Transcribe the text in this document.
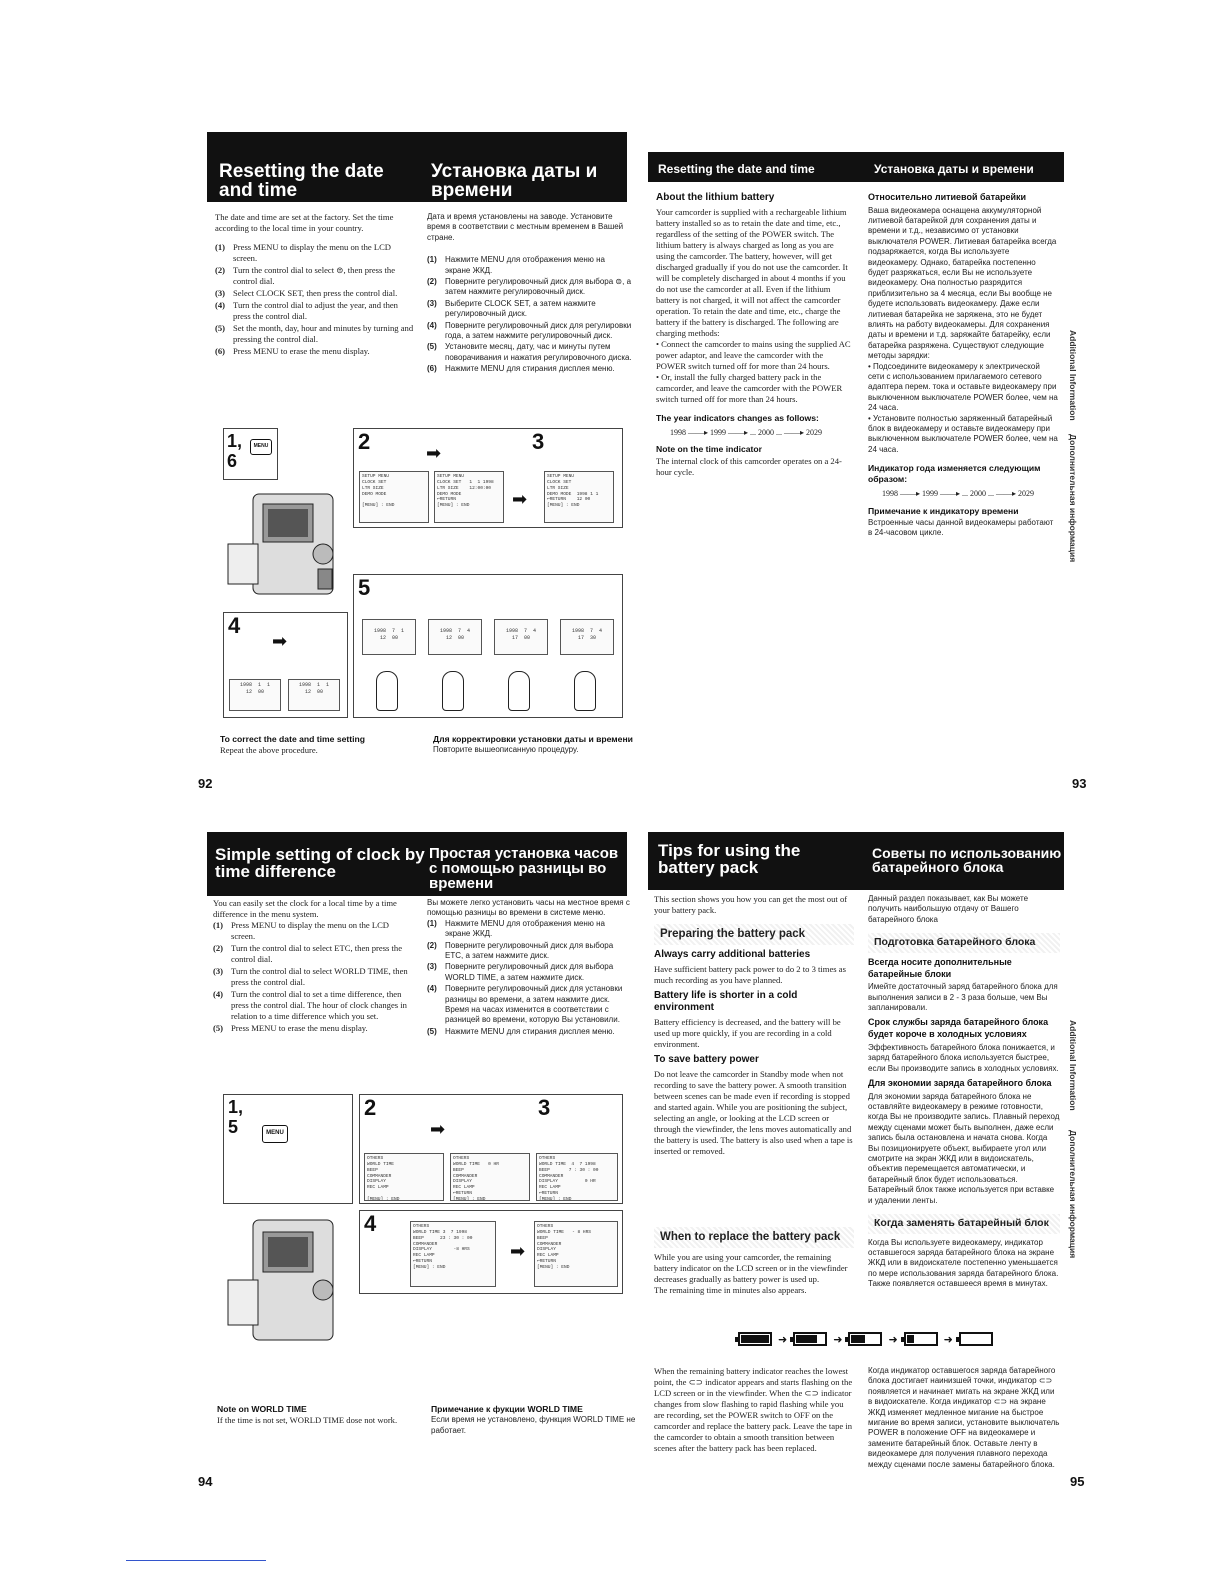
Resetting the date and time
Установка даты и времени

The date and time are set at the factory. Set the time according to the local time in your country.

(1) Press MENU to display the menu on the LCD screen.
(2) Turn the control dial to select ⊜, then press the control dial.
(3) Select CLOCK SET, then press the control dial.
(4) Turn the control dial to adjust the year, and then press the control dial.
(5) Set the month, day, hour and minutes by turning and pressing the control dial.
(6) Press MENU to erase the menu display.

Дата и время установлены на заводе. Установите время в соответствии с местным временем в Вашей стране.

(1)	Нажмите MENU для отображения меню на экране ЖКД.
(2)	Поверните регулировочный диск для выбора ⊜, а затем нажмите регулировочный диск.
(3)	Выберите CLOCK SET, а затем нажмите регулировочный диск.
(4)	Поверните регулировочный диск для регулировки года, а затем нажмите регулировочный диск.
(5)	Установите месяц, дату, час и минуты путем поворачивания и нажатия регулировочного диска.
(6)	Нажмите MENU для стирания дисплея меню.
1,
6
MENU	2	3
SETUP MENU
CLOCK SET
LTR SIZE
DEMO MODE

[MENU] : END
SETUP MENU
CLOCK SET   1  1 1998
LTR SIZE    12:00:00
DEMO MODE
↩RETURN
[MENU] : END
SETUP MENU
CLOCK SET
LTR SIZE
DEMO MODE  1998 1 1
↩RETURN    12 00
[MENU] : END
➡
➡
4
➡
1998  1  1
12  00
1998  1  1
12  00
5
1998  7  1
12  00
1998  7  4
12  00
1998  7  4
17  00
1998  7  4
17  30
To correct the date and time setting

Repeat the above procedure.

Для корректировки установки даты и времени

Повторите вышеописанную процедуру.

92
Resetting the date and time	Установка даты и времени
About the lithium battery

Your camcorder is supplied with a rechargeable lithium battery installed so as to retain the date and time, etc., regardless of the setting of the POWER switch. The lithium battery is always charged as long as you are using the camcorder. The battery, however, will get discharged gradually if you do not use the camcorder. It will be completely discharged in about 4 months if you do not use the camcorder at all. Even if the lithium battery is not charged, it will not affect the camcorder operation. To retain the date and time, etc., charge the battery if the battery is discharged. The following are charging methods:

• Connect the camcorder to mains using the supplied AC power adaptor, and leave the camcorder with the POWER switch turned off for more than 24 hours.

• Or, install the fully charged battery pack in the camcorder, and leave the camcorder with the POWER switch turned off for more than 24 hours.

The year indicators changes as follows:
1998 ——▸ 1999 ——▸ ... 2000 ... ——▸ 2029
Note on the time indicator

The internal clock of this camcorder operates on a 24-hour cycle.

Относительно литиевой батарейки

Ваша видеокамера оснащена аккумуляторной литиевой батарейкой для сохранения даты и времени и т.д., независимо от установки выключателя POWER. Литиевая батарейка всегда подзаряжается, когда Вы используете видеокамеру. Однако, батарейка постепенно будет разряжаться, если Вы не используете видеокамеру. Она полностью разрядится приблизительно за 4 месяца, если Вы вообще не будете использовать видеокамеру. Даже если литиевая батарейка не заряжена, это не будет влиять на работу видеокамеры. Для сохранения даты и времени и т.д. заряжайте батарейку, если батарейка разряжена. Существуют следующие методы зарядки:

• Подсоедините видеокамеру к электрической сети с использованием прилагаемого сетевого адаптера перем. тока и оставьте видеокамеру при выключенном выключателе POWER более, чем на 24 часа.

• Установите полностью заряженный батарейный блок в видеокамеру и оставьте видеокамеру при выключенном выключателе POWER более, чем на 24 часа.

Индикатор года изменяется следующим образом:
1998 ——▸ 1999 ——▸ ... 2000 ... ——▸ 2029
Примечание к индикатору времени

Встроенные часы данной видеокамеры работают в 24-часовом цикле.

Additional Information
Дополнительная информация
93
Simple setting of clock by time difference
Простая установка часов с помощью разницы во времени

You can easily set the clock for a local time by a time difference in the menu system.

(1) Press MENU to display the menu on the LCD screen.
(2) Turn the control dial to select ETC, then press the control dial.
(3) Turn the control dial to select WORLD TIME, then press the control dial.
(4) Turn the control dial to set a time difference, then press the control dial. The hour of clock changes in relation to a time difference which you set.
(5) Press MENU to erase the menu display.

Вы можете легко установить часы на местное время с помощью разницы во времени в системе меню.

(1)	Нажмите MENU для отображения меню на экране ЖКД.
(2)	Поверните регулировочный диск для выбора ETC, а затем нажмите диск.
(3)	Поверните регулировочный диск для выбора WORLD TIME, а затем нажмите диск.
(4)	Поверните регулировочный диск для установки разницы во времени, а затем нажмите диск. Время на часах изменится в соответствии с разницей во времени, которую Вы установили.
(5)	Нажмите MENU для стирания дисплея меню.
1,
5	MENU
2	3
➡
OTHERS
WORLD TIME
BEEP
COMMANDER
DISPLAY
REC LAMP

[MENU] : END
OTHERS
WORLD TIME   0 HR
BEEP
COMMANDER
DISPLAY
REC LAMP
↩RETURN
[MENU] : END
OTHERS
WORLD TIME  4  7 1998
BEEP       7 : 30 : 00
COMMANDER
DISPLAY          0 HR
REC LAMP
↩RETURN
[MENU] : END
4	OTHERS
WORLD TIME 3  7 1998
BEEP      23 : 30 : 00
COMMANDER
DISPLAY        -8 HRS
REC LAMP
↩RETURN
[MENU] : END
➡
OTHERS
WORLD TIME   - 8 HRS
BEEP
COMMANDER
DISPLAY
REC LAMP
↩RETURN
[MENU] : END
Note on WORLD TIME

If the time is not set, WORLD TIME dose not work.

Примечание к фукции WORLD TIME

Если время не установлено, функция WORLD TIME не работает.

94
Tips for using the battery pack
Советы по использованию батарейного блока

This section shows you how you can get the most out of your battery pack.

Preparing the battery pack
Always carry additional batteries

Have sufficient battery pack power to do 2 to 3 times as much recording as you have planned.

Battery life is shorter in a cold environment

Battery efficiency is decreased, and the battery will be used up more quickly, if you are recording in a cold environment.

To save battery power

Do not leave the camcorder in Standby mode when not recording to save the battery power. A smooth transition between scenes can be made even if recording is stopped and started again. While you are positioning the subject, selecting an angle, or looking at the LCD screen or through the viewfinder, the lens moves automatically and the battery is used. The battery is also used when a tape is inserted or removed.

When to replace the battery pack

While you are using your camcorder, the remaining battery indicator on the LCD screen or in the viewfinder decreases gradually as battery power is used up.
The remaining time in minutes also appears.

Данный раздел показывает, как Вы можете получить наибольшую отдачу от Вашего батарейного блока

Подготовка батарейного блока
Всегда носите дополнительные батарейные блоки

Имейте достаточный заряд батарейного блока для выполнения записи в 2 - 3 раза больше, чем Вы запланировали.

Срок службы заряда батарейного блока будет короче в холодных условиях

Эффективность батарейного блока понижается, и заряд батарейного блока используется быстрее, если Вы производите запись в холодных условиях.

Для экономии заряда батарейного блока

Для экономии заряда батарейного блока не оставляйте видеокамеру в режиме готовности, когда Вы не производите запись. Плавный переход между сценами может быть выполнен, даже если запись была остановлена и начата снова. Когда Вы позиционируете объект, выбираете угол или смотрите на экран ЖКД или в видоискатель, объектив перемещается автоматически, и батарейный блок будет использоваться. Батарейный блок также используется при вставке и удалении ленты.

Когда заменять батарейный блок

Когда Вы используете видеокамеру, индикатор оставшегося заряда батарейного блока на экране ЖКД или в видоискателе постепенно уменьшается по мере использования заряда батарейного блока. Также появляется оставшееся время в минутах.

➜	➜	➜	➜

When the remaining battery indicator reaches the lowest point, the ⊂⊃ indicator appears and starts flashing on the LCD screen or in the viewfinder. When the ⊂⊃ indicator changes from slow flashing to rapid flashing while you are recording, set the POWER switch to OFF on the camcorder and replace the battery pack. Leave the tape in the camcorder to obtain a smooth transition between scenes after the battery pack has been replaced.

Когда индикатор оставшегося заряда батарейного блока достигает наинизшей точки, индикатор ⊂⊃ появляется и начинает мигать на экране ЖКД или в видоискателе. Когда индикатор ⊂⊃ на экране ЖКД изменяет медленное мигание на быстрое мигание во время записи, установите выключатель POWER в положение OFF на видеокамере и замените батарейный блок. Оставьте ленту в видеокамере для получения плавного перехода между сценами после замены батарейного блока.

Additional Information
Дополнительная информация
95
